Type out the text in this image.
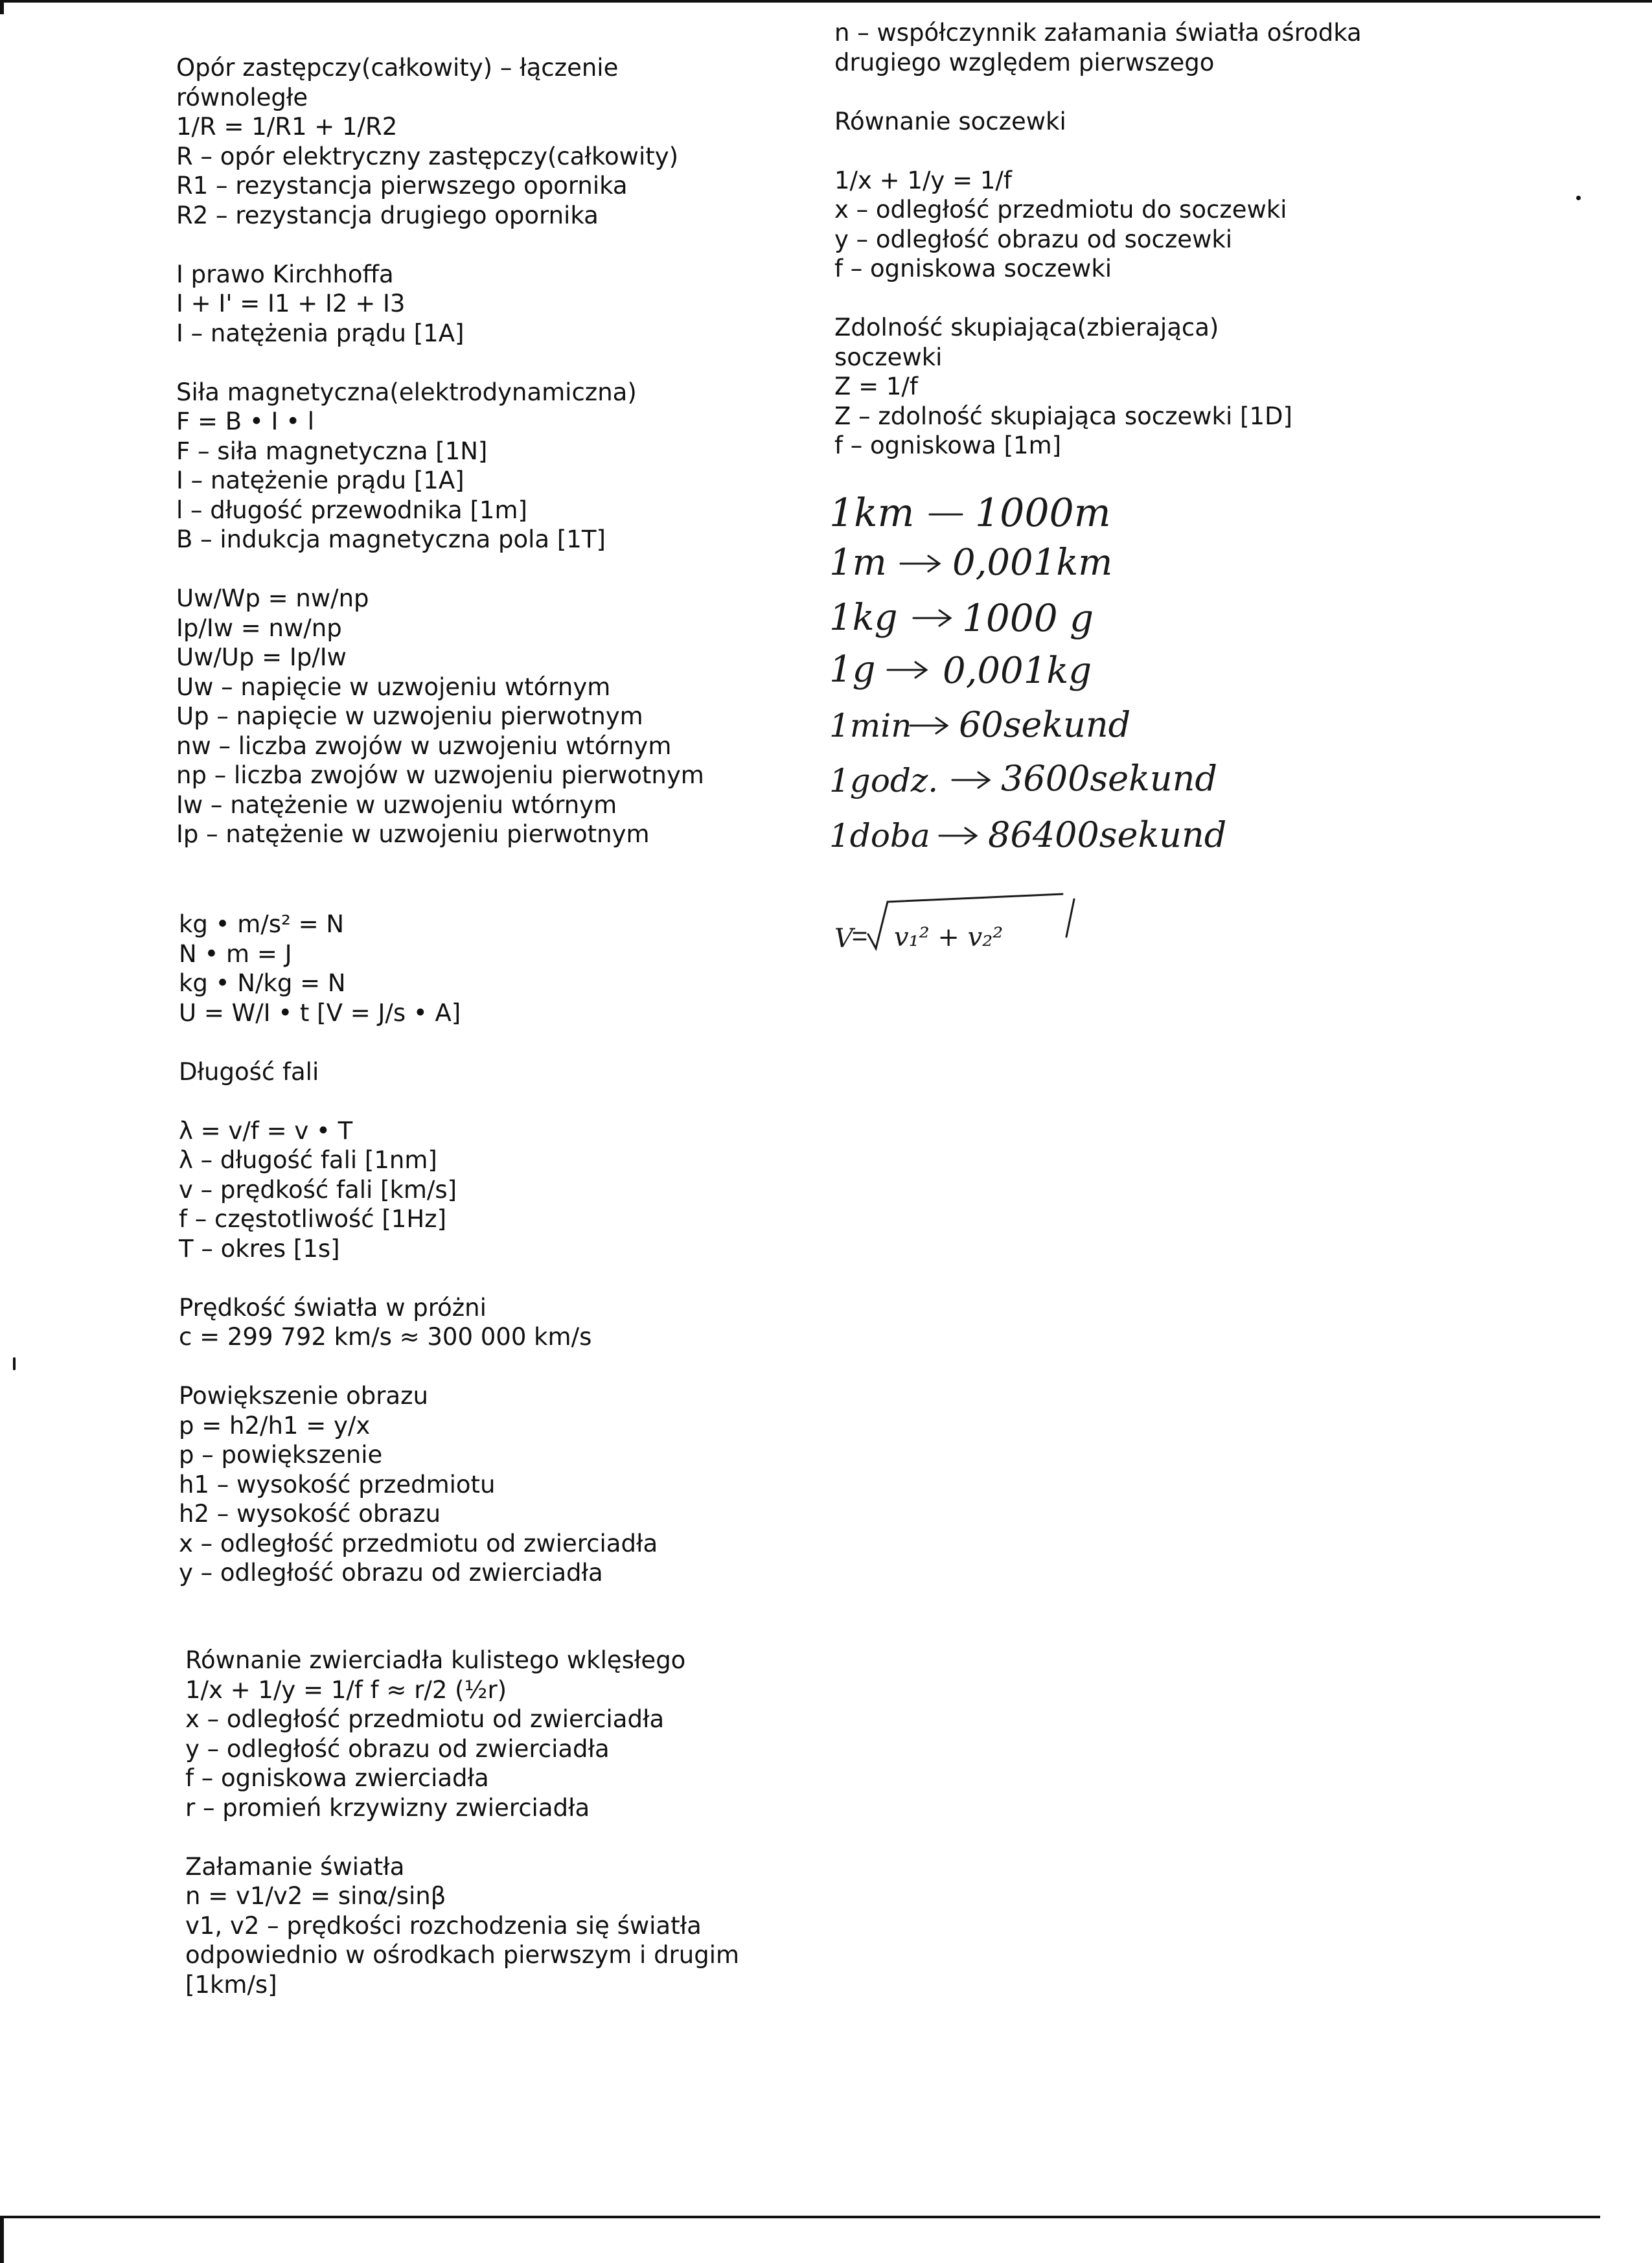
Opór zastępczy(całkowity) – łączenie
równoległe
1/R = 1/R1 + 1/R2
R – opór elektryczny zastępczy(całkowity)
R1 – rezystancja pierwszego opornika
R2 – rezystancja drugiego opornika
I prawo Kirchhoffa
I + I' = I1 + I2 + I3
I – natężenia prądu [1A]
Siła magnetyczna(elektrodynamiczna)
F = B • I • l
F – siła magnetyczna [1N]
I – natężenie prądu [1A]
l – długość przewodnika [1m]
B – indukcja magnetyczna pola [1T]
Uw/Wp = nw/np
Ip/Iw = nw/np
Uw/Up = Ip/Iw
Uw – napięcie w uzwojeniu wtórnym
Up – napięcie w uzwojeniu pierwotnym
nw – liczba zwojów w uzwojeniu wtórnym
np – liczba zwojów w uzwojeniu pierwotnym
Iw – natężenie w uzwojeniu wtórnym
Ip – natężenie w uzwojeniu pierwotnym
kg • m/s² = N
N • m = J
kg • N/kg = N
U = W/I • t [V = J/s • A]
Długość fali
λ = v/f = v • T
λ – długość fali [1nm]
v – prędkość fali [km/s]
f – częstotliwość [1Hz]
T – okres [1s]
Prędkość światła w próżni
c = 299 792 km/s ≈ 300 000 km/s
Powiększenie obrazu
p = h2/h1 = y/x
p – powiększenie
h1 – wysokość przedmiotu
h2 – wysokość obrazu
x – odległość przedmiotu od zwierciadła
y – odległość obrazu od zwierciadła
Równanie zwierciadła kulistego wklęsłego
1/x + 1/y = 1/f f ≈ r/2 (½r)
x – odległość przedmiotu od zwierciadła
y – odległość obrazu od zwierciadła
f – ogniskowa zwierciadła
r – promień krzywizny zwierciadła
Załamanie światła
n = v1/v2 = sinα/sinβ
v1, v2 – prędkości rozchodzenia się światła
odpowiednio w ośrodkach pierwszym i drugim
[1km/s]
n – współczynnik załamania światła ośrodka
drugiego względem pierwszego
Równanie soczewki
1/x + 1/y = 1/f
x – odległość przedmiotu do soczewki
y – odległość obrazu od soczewki
f – ogniskowa soczewki
Zdolność skupiająca(zbierająca)
soczewki
Z = 1/f
Z – zdolność skupiająca soczewki [1D]
f – ogniskowa [1m]
1km 1000m
1m 0,001km
1kg 1000 g
1g 0,001kg
1min 60sekund
1godz. 3600sekund
1doba 86400sekund
V v₁² + v₂²
